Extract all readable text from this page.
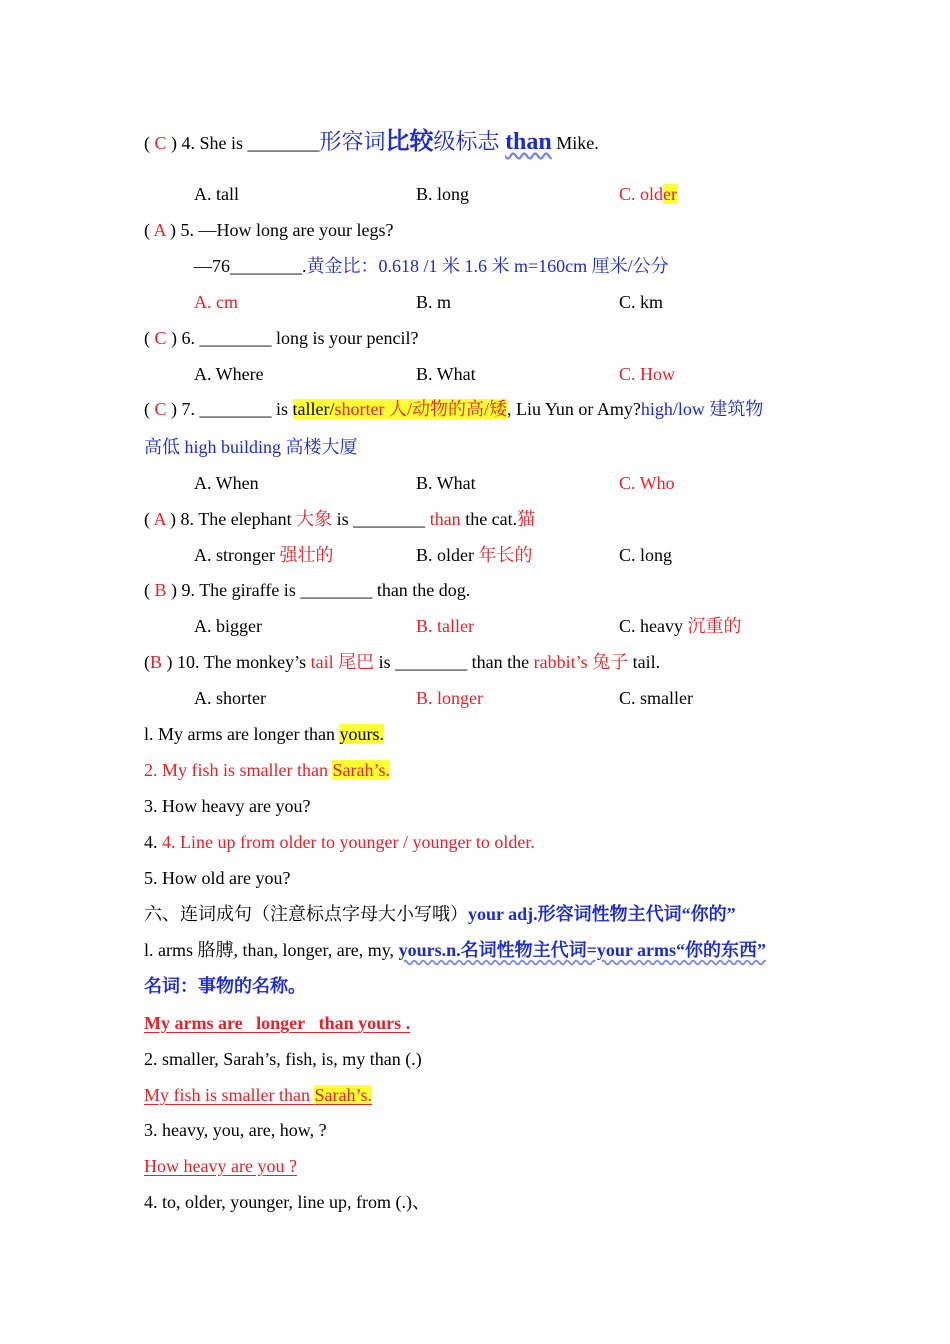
( C ) 4. She is ________形容词比较级标志 than Mike.
A. tall	B. long	C. older
( A ) 5. —How long are your legs?
—76________.黄金比：0.618 /1 米 1.6 米 m=160cm 厘米/公分
A. cm	B. m	C. km
( C ) 6. ________ long is your pencil?
A. Where	B. What	C. How
( C ) 7. ________ is taller/shorter 人/动物的高/矮, Liu Yun or Amy?high/low 建筑物
高低 high building 高楼大厦
A. When	B. What	C. Who
( A ) 8. The elephant 大象 is ________ than the cat.猫
A. stronger 强壮的	B. older 年长的	C. long
( B ) 9. The giraffe is ________ than the dog.
A. bigger	B. taller	C. heavy 沉重的
(B ) 10. The monkey’s tail 尾巴 is ________ than the rabbit’s 兔子 tail.
A. shorter	B. longer	C. smaller
l. My arms are longer than yours.
2. My fish is smaller than Sarah’s.
3. How heavy are you?
4. 4. Line up from older to younger / younger to older.
5. How old are you?
六、连词成句（注意标点字母大小写哦）your adj.形容词性物主代词“你的”
l. arms 胳膊, than, longer, are, my, yours.n.名词性物主代词=your arms“你的东西”
名词：事物的名称。
My arms are   longer   than yours .
2. smaller, Sarah’s, fish, is, my than (.)
My fish is smaller than Sarah’s.
3. heavy, you, are, how, ?
How heavy are you ?
4. to, older, younger, line up, from (.)、
